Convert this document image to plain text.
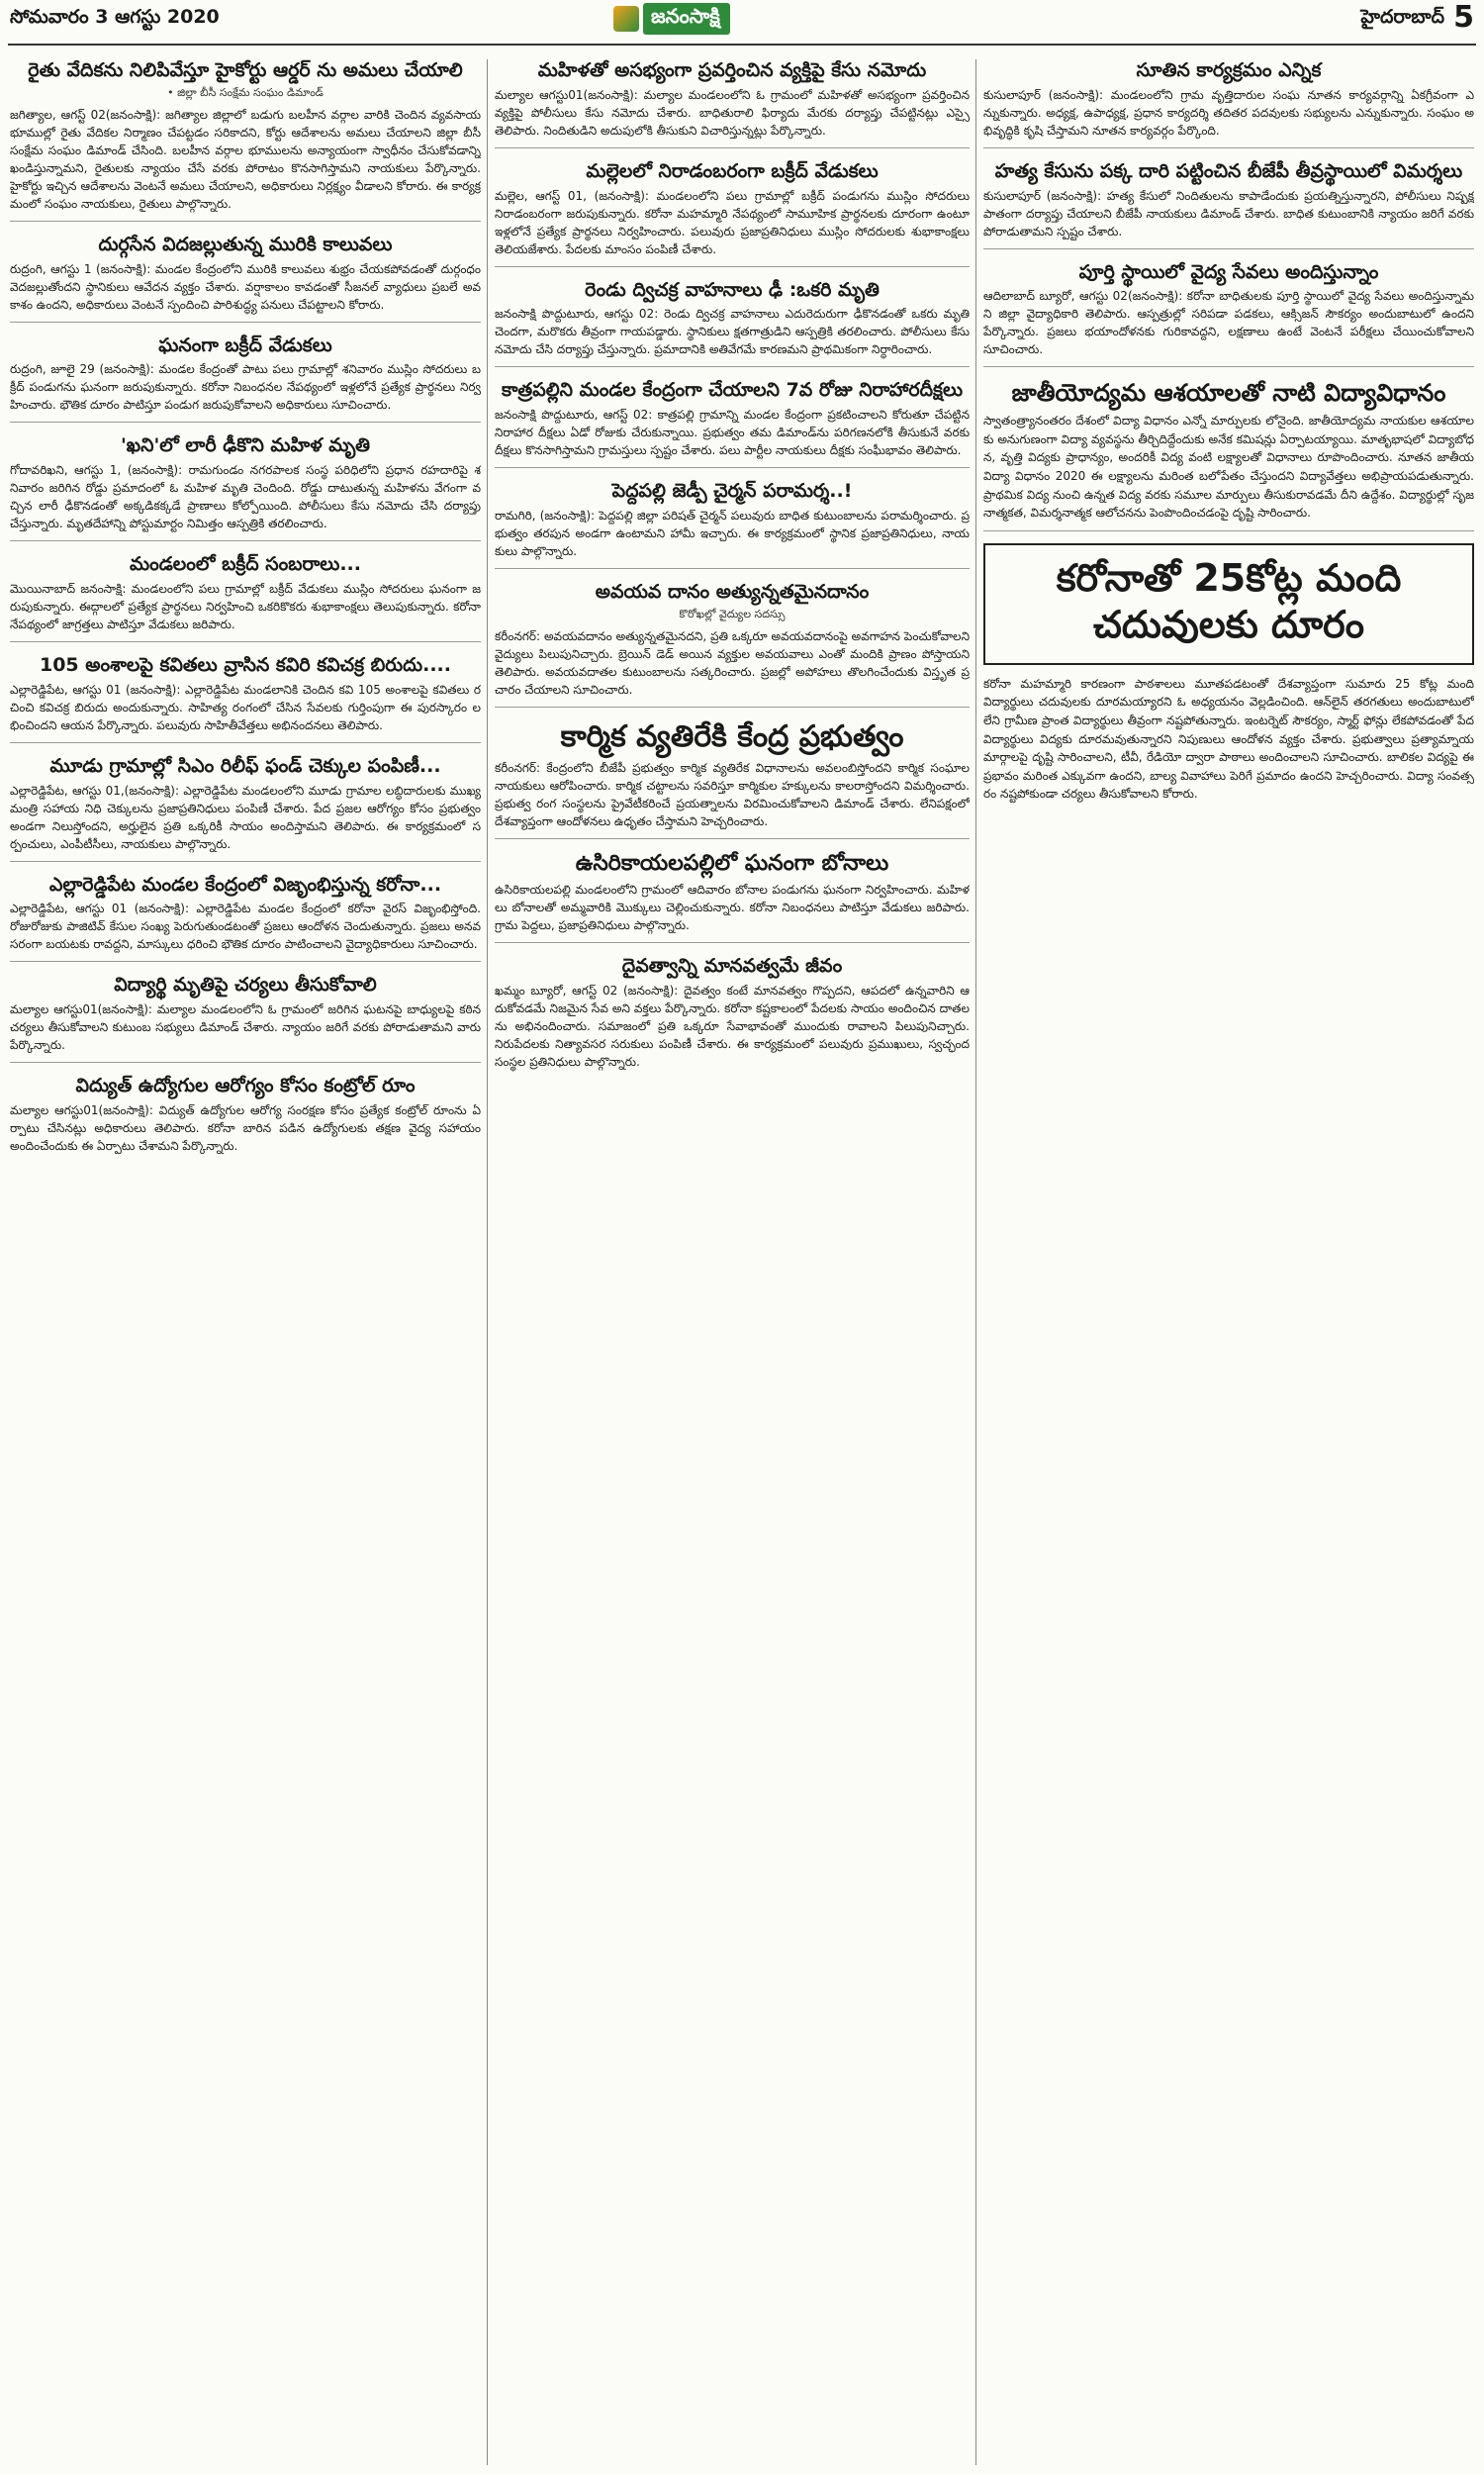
సోమవారం 3 ఆగస్టు 2020	జనంసాక్షి	హైదరాబాద్ 5
రైతు వేదికను నిలిపివేస్తూ హైకోర్టు ఆర్డర్ ను అమలు చేయాలి

• జిల్లా బీసీ సంక్షేమ సంఘం డిమాండ్

జగిత్యాల, ఆగస్ట్ 02(జనంసాక్షి): జగిత్యాల జిల్లాలో బడుగు బలహీన వర్గాల వారికి చెందిన వ్యవసాయ భూముల్లో రైతు వేదికల నిర్మాణం చేపట్టడం సరికాదని, కోర్టు ఆదేశాలను అమలు చేయాలని జిల్లా బీసీ సంక్షేమ సంఘం డిమాండ్ చేసింది. బలహీన వర్గాల భూములను అన్యాయంగా స్వాధీనం చేసుకోవడాన్ని ఖండిస్తున్నామని, రైతులకు న్యాయం చేసే వరకు పోరాటం కొనసాగిస్తామని నాయకులు పేర్కొన్నారు. హైకోర్టు ఇచ్చిన ఆదేశాలను వెంటనే అమలు చేయాలని, అధికారులు నిర్లక్ష్యం వీడాలని కోరారు. ఈ కార్యక్రమంలో సంఘం నాయకులు, రైతులు పాల్గొన్నారు.

దుర్గసేన విదజల్లుతున్న మురికి కాలువలు

రుద్రంగి, ఆగస్టు 1 (జనంసాక్షి): మండల కేంద్రంలోని మురికి కాలువలు శుభ్రం చేయకపోవడంతో దుర్గంధం వెదజల్లుతోందని స్థానికులు ఆవేదన వ్యక్తం చేశారు. వర్షాకాలం కావడంతో సీజనల్ వ్యాధులు ప్రబలే అవకాశం ఉందని, అధికారులు వెంటనే స్పందించి పారిశుద్ధ్య పనులు చేపట్టాలని కోరారు.

ఘనంగా బక్రీద్ వేడుకలు

రుద్రంగి, జూలై 29 (జనంసాక్షి): మండల కేంద్రంతో పాటు పలు గ్రామాల్లో శనివారం ముస్లిం సోదరులు బక్రీద్ పండుగను ఘనంగా జరుపుకున్నారు. కరోనా నిబంధనల నేపథ్యంలో ఇళ్లలోనే ప్రత్యేక ప్రార్థనలు నిర్వహించారు. భౌతిక దూరం పాటిస్తూ పండుగ జరుపుకోవాలని అధికారులు సూచించారు.

'ఖని'లో లారీ ఢీకొని మహిళ మృతి

గోదావరిఖని, ఆగస్టు 1, (జనంసాక్షి): రామగుండం నగరపాలక సంస్థ పరిధిలోని ప్రధాన రహదారిపై శనివారం జరిగిన రోడ్డు ప్రమాదంలో ఓ మహిళ మృతి చెందింది. రోడ్డు దాటుతున్న మహిళను వేగంగా వచ్చిన లారీ ఢీకొనడంతో అక్కడికక్కడే ప్రాణాలు కోల్పోయింది. పోలీసులు కేసు నమోదు చేసి దర్యాప్తు చేస్తున్నారు. మృతదేహాన్ని పోస్టుమార్టం నిమిత్తం ఆస్పత్రికి తరలించారు.

మండలంలో బక్రీద్ సంబరాలు...

మొయినాబాద్ జనంసాక్షి: మండలంలోని పలు గ్రామాల్లో బక్రీద్ వేడుకలు ముస్లిం సోదరులు ఘనంగా జరుపుకున్నారు. ఈద్గాలలో ప్రత్యేక ప్రార్థనలు నిర్వహించి ఒకరికొకరు శుభాకాంక్షలు తెలుపుకున్నారు. కరోనా నేపథ్యంలో జాగ్రత్తలు పాటిస్తూ వేడుకలు జరిపారు.

105 అంశాలపై కవితలు వ్రాసిన కవిరి కవిచక్ర బిరుదు....

ఎల్లారెడ్డిపేట, ఆగస్టు 01 (జనంసాక్షి): ఎల్లారెడ్డిపేట మండలానికి చెందిన కవి 105 అంశాలపై కవితలు రచించి కవిచక్ర బిరుదు అందుకున్నారు. సాహిత్య రంగంలో చేసిన సేవలకు గుర్తింపుగా ఈ పురస్కారం లభించిందని ఆయన పేర్కొన్నారు. పలువురు సాహితీవేత్తలు అభినందనలు తెలిపారు.

మూడు గ్రామాల్లో సిఎం రిలీఫ్ ఫండ్ చెక్కుల పంపిణీ...

ఎల్లారెడ్డిపేట, ఆగస్టు 01,(జనంసాక్షి): ఎల్లారెడ్డిపేట మండలంలోని మూడు గ్రామాల లబ్ధిదారులకు ముఖ్యమంత్రి సహాయ నిధి చెక్కులను ప్రజాప్రతినిధులు పంపిణీ చేశారు. పేద ప్రజల ఆరోగ్యం కోసం ప్రభుత్వం అండగా నిలుస్తోందని, అర్హులైన ప్రతి ఒక్కరికీ సాయం అందిస్తామని తెలిపారు. ఈ కార్యక్రమంలో సర్పంచులు, ఎంపీటీసీలు, నాయకులు పాల్గొన్నారు.

ఎల్లారెడ్డిపేట మండల కేంద్రంలో విజృంభిస్తున్న కరోనా...

ఎల్లారెడ్డిపేట, ఆగస్టు 01 (జనంసాక్షి): ఎల్లారెడ్డిపేట మండల కేంద్రంలో కరోనా వైరస్ విజృంభిస్తోంది. రోజురోజుకు పాజిటివ్ కేసుల సంఖ్య పెరుగుతుండటంతో ప్రజలు ఆందోళన చెందుతున్నారు. ప్రజలు అనవసరంగా బయటకు రావద్దని, మాస్కులు ధరించి భౌతిక దూరం పాటించాలని వైద్యాధికారులు సూచించారు.

విద్యార్థి మృతిపై చర్యలు తీసుకోవాలి

మల్యాల ఆగస్టు01(జనంసాక్షి): మల్యాల మండలంలోని ఓ గ్రామంలో జరిగిన ఘటనపై బాధ్యులపై కఠిన చర్యలు తీసుకోవాలని కుటుంబ సభ్యులు డిమాండ్ చేశారు. న్యాయం జరిగే వరకు పోరాడుతామని వారు పేర్కొన్నారు.

విద్యుత్ ఉద్యోగుల ఆరోగ్యం కోసం కంట్రోల్ రూం

మల్యాల ఆగస్టు01(జనంసాక్షి): విద్యుత్ ఉద్యోగుల ఆరోగ్య సంరక్షణ కోసం ప్రత్యేక కంట్రోల్ రూంను ఏర్పాటు చేసినట్లు అధికారులు తెలిపారు. కరోనా బారిన పడిన ఉద్యోగులకు తక్షణ వైద్య సహాయం అందించేందుకు ఈ ఏర్పాటు చేశామని పేర్కొన్నారు.

మహిళతో అసభ్యంగా ప్రవర్తించిన వ్యక్తిపై కేసు నమోదు

మల్యాల ఆగస్టు01(జనంసాక్షి): మల్యాల మండలంలోని ఓ గ్రామంలో మహిళతో అసభ్యంగా ప్రవర్తించిన వ్యక్తిపై పోలీసులు కేసు నమోదు చేశారు. బాధితురాలి ఫిర్యాదు మేరకు దర్యాప్తు చేపట్టినట్లు ఎస్సై తెలిపారు. నిందితుడిని అదుపులోకి తీసుకుని విచారిస్తున్నట్లు పేర్కొన్నారు.

మల్లెలలో నిరాడంబరంగా బక్రీద్ వేడుకలు

మల్లెల, ఆగస్ట్ 01, (జనంసాక్షి): మండలంలోని పలు గ్రామాల్లో బక్రీద్ పండుగను ముస్లిం సోదరులు నిరాడంబరంగా జరుపుకున్నారు. కరోనా మహమ్మారి నేపథ్యంలో సామూహిక ప్రార్థనలకు దూరంగా ఉంటూ ఇళ్లలోనే ప్రత్యేక ప్రార్థనలు నిర్వహించారు. పలువురు ప్రజాప్రతినిధులు ముస్లిం సోదరులకు శుభాకాంక్షలు తెలియజేశారు. పేదలకు మాంసం పంపిణీ చేశారు.

రెండు ద్విచక్ర వాహనాలు ఢీ :ఒకరి మృతి

జనంసాక్షి పొద్దుటూరు, ఆగస్టు 02: రెండు ద్విచక్ర వాహనాలు ఎదురెదురుగా ఢీకొనడంతో ఒకరు మృతి చెందగా, మరొకరు తీవ్రంగా గాయపడ్డారు. స్థానికులు క్షతగాత్రుడిని ఆస్పత్రికి తరలించారు. పోలీసులు కేసు నమోదు చేసి దర్యాప్తు చేస్తున్నారు. ప్రమాదానికి అతివేగమే కారణమని ప్రాథమికంగా నిర్ధారించారు.

కాత్రపల్లిని మండల కేంద్రంగా చేయాలని 7వ రోజు నిరాహారదీక్షలు

జనంసాక్షి పొద్దుటూరు, ఆగస్ట్ 02: కాత్రపల్లి గ్రామాన్ని మండల కేంద్రంగా ప్రకటించాలని కోరుతూ చేపట్టిన నిరాహార దీక్షలు ఏడో రోజుకు చేరుకున్నాయి. ప్రభుత్వం తమ డిమాండ్‌ను పరిగణనలోకి తీసుకునే వరకు దీక్షలు కొనసాగిస్తామని గ్రామస్తులు స్పష్టం చేశారు. పలు పార్టీల నాయకులు దీక్షకు సంఘీభావం తెలిపారు.

పెద్దపల్లి జెడ్పీ చైర్మన్ పరామర్శ..!

రామగిరి, (జనంసాక్షి): పెద్దపల్లి జిల్లా పరిషత్ చైర్మన్ పలువురు బాధిత కుటుంబాలను పరామర్శించారు. ప్రభుత్వం తరపున అండగా ఉంటామని హామీ ఇచ్చారు. ఈ కార్యక్రమంలో స్థానిక ప్రజాప్రతినిధులు, నాయకులు పాల్గొన్నారు.

అవయవ దానం అత్యున్నతమైనదానం

కొరోఖల్లో వైద్యుల సదస్సు

కరీంనగర్: అవయవదానం అత్యున్నతమైనదని, ప్రతి ఒక్కరూ అవయవదానంపై అవగాహన పెంచుకోవాలని వైద్యులు పిలుపునిచ్చారు. బ్రెయిన్ డెడ్ అయిన వ్యక్తుల అవయవాలు ఎంతో మందికి ప్రాణం పోస్తాయని తెలిపారు. అవయవదాతల కుటుంబాలను సత్కరించారు. ప్రజల్లో అపోహలు తొలగించేందుకు విస్తృత ప్రచారం చేయాలని సూచించారు.

కార్మిక వ్యతిరేకి కేంద్ర ప్రభుత్వం

కరీంనగర్: కేంద్రంలోని బీజేపీ ప్రభుత్వం కార్మిక వ్యతిరేక విధానాలను అవలంబిస్తోందని కార్మిక సంఘాల నాయకులు ఆరోపించారు. కార్మిక చట్టాలను సవరిస్తూ కార్మికుల హక్కులను కాలరాస్తోందని విమర్శించారు. ప్రభుత్వ రంగ సంస్థలను ప్రైవేటీకరించే ప్రయత్నాలను విరమించుకోవాలని డిమాండ్ చేశారు. లేనిపక్షంలో దేశవ్యాప్తంగా ఆందోళనలు ఉధృతం చేస్తామని హెచ్చరించారు.

ఉసిరికాయలపల్లిలో ఘనంగా బోనాలు

ఉసిరికాయలపల్లి మండలంలోని గ్రామంలో ఆదివారం బోనాల పండుగను ఘనంగా నిర్వహించారు. మహిళలు బోనాలతో అమ్మవారికి మొక్కులు చెల్లించుకున్నారు. కరోనా నిబంధనలు పాటిస్తూ వేడుకలు జరిపారు. గ్రామ పెద్దలు, ప్రజాప్రతినిధులు పాల్గొన్నారు.

దైవత్వాన్ని మానవత్వమే జీవం

ఖమ్మం బ్యూరో, ఆగస్ట్ 02 (జనంసాక్షి): దైవత్వం కంటే మానవత్వం గొప్పదని, ఆపదలో ఉన్నవారిని ఆదుకోవడమే నిజమైన సేవ అని వక్తలు పేర్కొన్నారు. కరోనా కష్టకాలంలో పేదలకు సాయం అందించిన దాతలను అభినందించారు. సమాజంలో ప్రతి ఒక్కరూ సేవాభావంతో ముందుకు రావాలని పిలుపునిచ్చారు. నిరుపేదలకు నిత్యావసర సరుకులు పంపిణీ చేశారు. ఈ కార్యక్రమంలో పలువురు ప్రముఖులు, స్వచ్ఛంద సంస్థల ప్రతినిధులు పాల్గొన్నారు.

సూతిన కార్యక్రమం ఎన్నిక

కుసులాపూర్ (జనంసాక్షి): మండలంలోని గ్రామ వృత్తిదారుల సంఘ నూతన కార్యవర్గాన్ని ఏకగ్రీవంగా ఎన్నుకున్నారు. అధ్యక్ష, ఉపాధ్యక్ష, ప్రధాన కార్యదర్శి తదితర పదవులకు సభ్యులను ఎన్నుకున్నారు. సంఘం అభివృద్ధికి కృషి చేస్తామని నూతన కార్యవర్గం పేర్కొంది.

హత్య కేసును పక్క దారి పట్టించిన బీజేపీ తీవ్రస్థాయిలో విమర్శలు

కుసులాపూర్ (జనంసాక్షి): హత్య కేసులో నిందితులను కాపాడేందుకు ప్రయత్నిస్తున్నారని, పోలీసులు నిష్పక్షపాతంగా దర్యాప్తు చేయాలని బీజేపీ నాయకులు డిమాండ్ చేశారు. బాధిత కుటుంబానికి న్యాయం జరిగే వరకు పోరాడుతామని స్పష్టం చేశారు.

పూర్తి స్థాయిలో వైద్య సేవలు అందిస్తున్నాం

ఆదిలాబాద్ బ్యూరో, ఆగస్టు 02(జనంసాక్షి): కరోనా బాధితులకు పూర్తి స్థాయిలో వైద్య సేవలు అందిస్తున్నామని జిల్లా వైద్యాధికారి తెలిపారు. ఆస్పత్రుల్లో సరిపడా పడకలు, ఆక్సిజన్ సౌకర్యం అందుబాటులో ఉందని పేర్కొన్నారు. ప్రజలు భయాందోళనకు గురికావద్దని, లక్షణాలు ఉంటే వెంటనే పరీక్షలు చేయించుకోవాలని సూచించారు.

జాతీయోద్యమ ఆశయాలతో నాటి విద్యావిధానం

స్వాతంత్ర్యానంతరం దేశంలో విద్యా విధానం ఎన్నో మార్పులకు లోనైంది. జాతీయోద్యమ నాయకుల ఆశయాలకు అనుగుణంగా విద్యా వ్యవస్థను తీర్చిదిద్దేందుకు అనేక కమిషన్లు ఏర్పాటయ్యాయి. మాతృభాషలో విద్యాబోధన, వృత్తి విద్యకు ప్రాధాన్యం, అందరికీ విద్య వంటి లక్ష్యాలతో విధానాలు రూపొందించారు. నూతన జాతీయ విద్యా విధానం 2020 ఈ లక్ష్యాలను మరింత బలోపేతం చేస్తుందని విద్యావేత్తలు అభిప్రాయపడుతున్నారు. ప్రాథమిక విద్య నుంచి ఉన్నత విద్య వరకు సమూల మార్పులు తీసుకురావడమే దీని ఉద్దేశం. విద్యార్థుల్లో సృజనాత్మకత, విమర్శనాత్మక ఆలోచనను పెంపొందించడంపై దృష్టి సారించారు.

కరోనాతో 25కోట్ల మంది చదువులకు దూరం

కరోనా మహమ్మారి కారణంగా పాఠశాలలు మూతపడటంతో దేశవ్యాప్తంగా సుమారు 25 కోట్ల మంది విద్యార్థులు చదువులకు దూరమయ్యారని ఓ అధ్యయనం వెల్లడించింది. ఆన్‌లైన్ తరగతులు అందుబాటులో లేని గ్రామీణ ప్రాంత విద్యార్థులు తీవ్రంగా నష్టపోతున్నారు. ఇంటర్నెట్ సౌకర్యం, స్మార్ట్ ఫోన్లు లేకపోవడంతో పేద విద్యార్థులు విద్యకు దూరమవుతున్నారని నిపుణులు ఆందోళన వ్యక్తం చేశారు. ప్రభుత్వాలు ప్రత్యామ్నాయ మార్గాలపై దృష్టి సారించాలని, టీవీ, రేడియో ద్వారా పాఠాలు అందించాలని సూచించారు. బాలికల విద్యపై ఈ ప్రభావం మరింత ఎక్కువగా ఉందని, బాల్య వివాహాలు పెరిగే ప్రమాదం ఉందని హెచ్చరించారు. విద్యా సంవత్సరం నష్టపోకుండా చర్యలు తీసుకోవాలని కోరారు.
